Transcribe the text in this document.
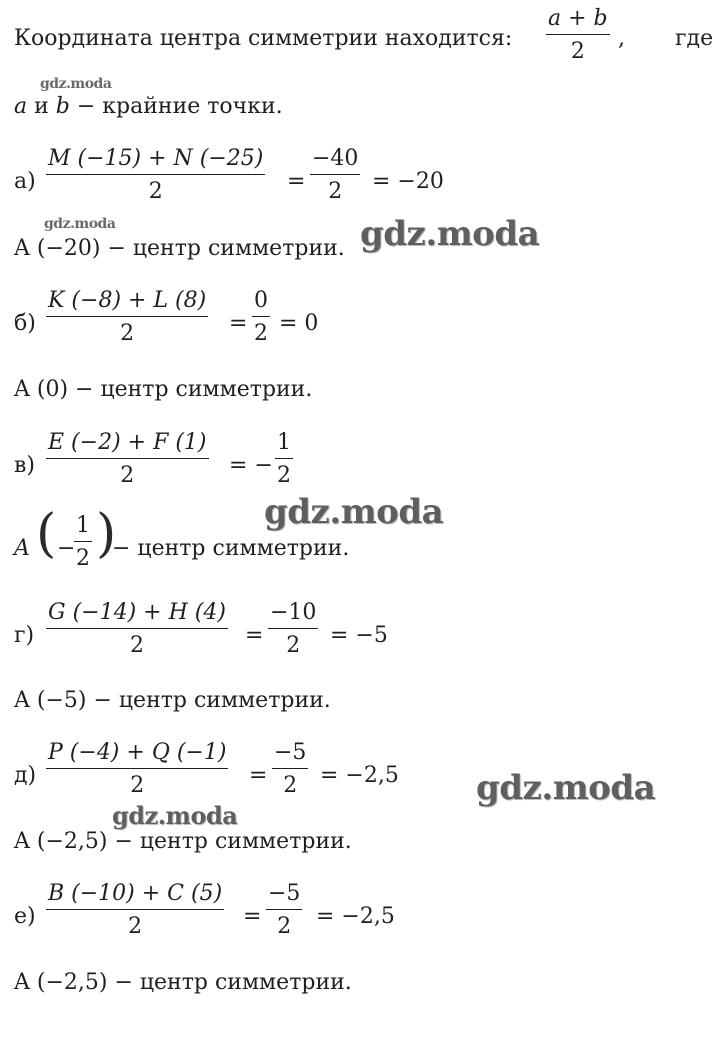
Координата центра симметрии находится:
a + b
2
, где
a и b − крайние точки.
а)
M (−15) + N (−25)
2	=
−40
2	= −20
A (−20) − центр симметрии.
б)
K (−8) + L (8)
2	=
0
2 = 0
A (0) − центр симметрии.
в)
E (−2) + F (1)
2	= −
1
2
A ( −
1
2 )
− центр симметрии.
г)
G (−14) + H (4)
2	=
−10
2	= −5
A (−5) − центр симметрии.
д)
P (−4) + Q (−1)
2	=
−5
2	= −2,5
A (−2,5) − центр симметрии.
е)
B (−10) + C (5)
2	=
−5
2	= −2,5
A (−2,5) − центр симметрии.
gdz.moda
gdz.moda	gdz.moda
gdz.moda
gdz.moda
gdz.moda
